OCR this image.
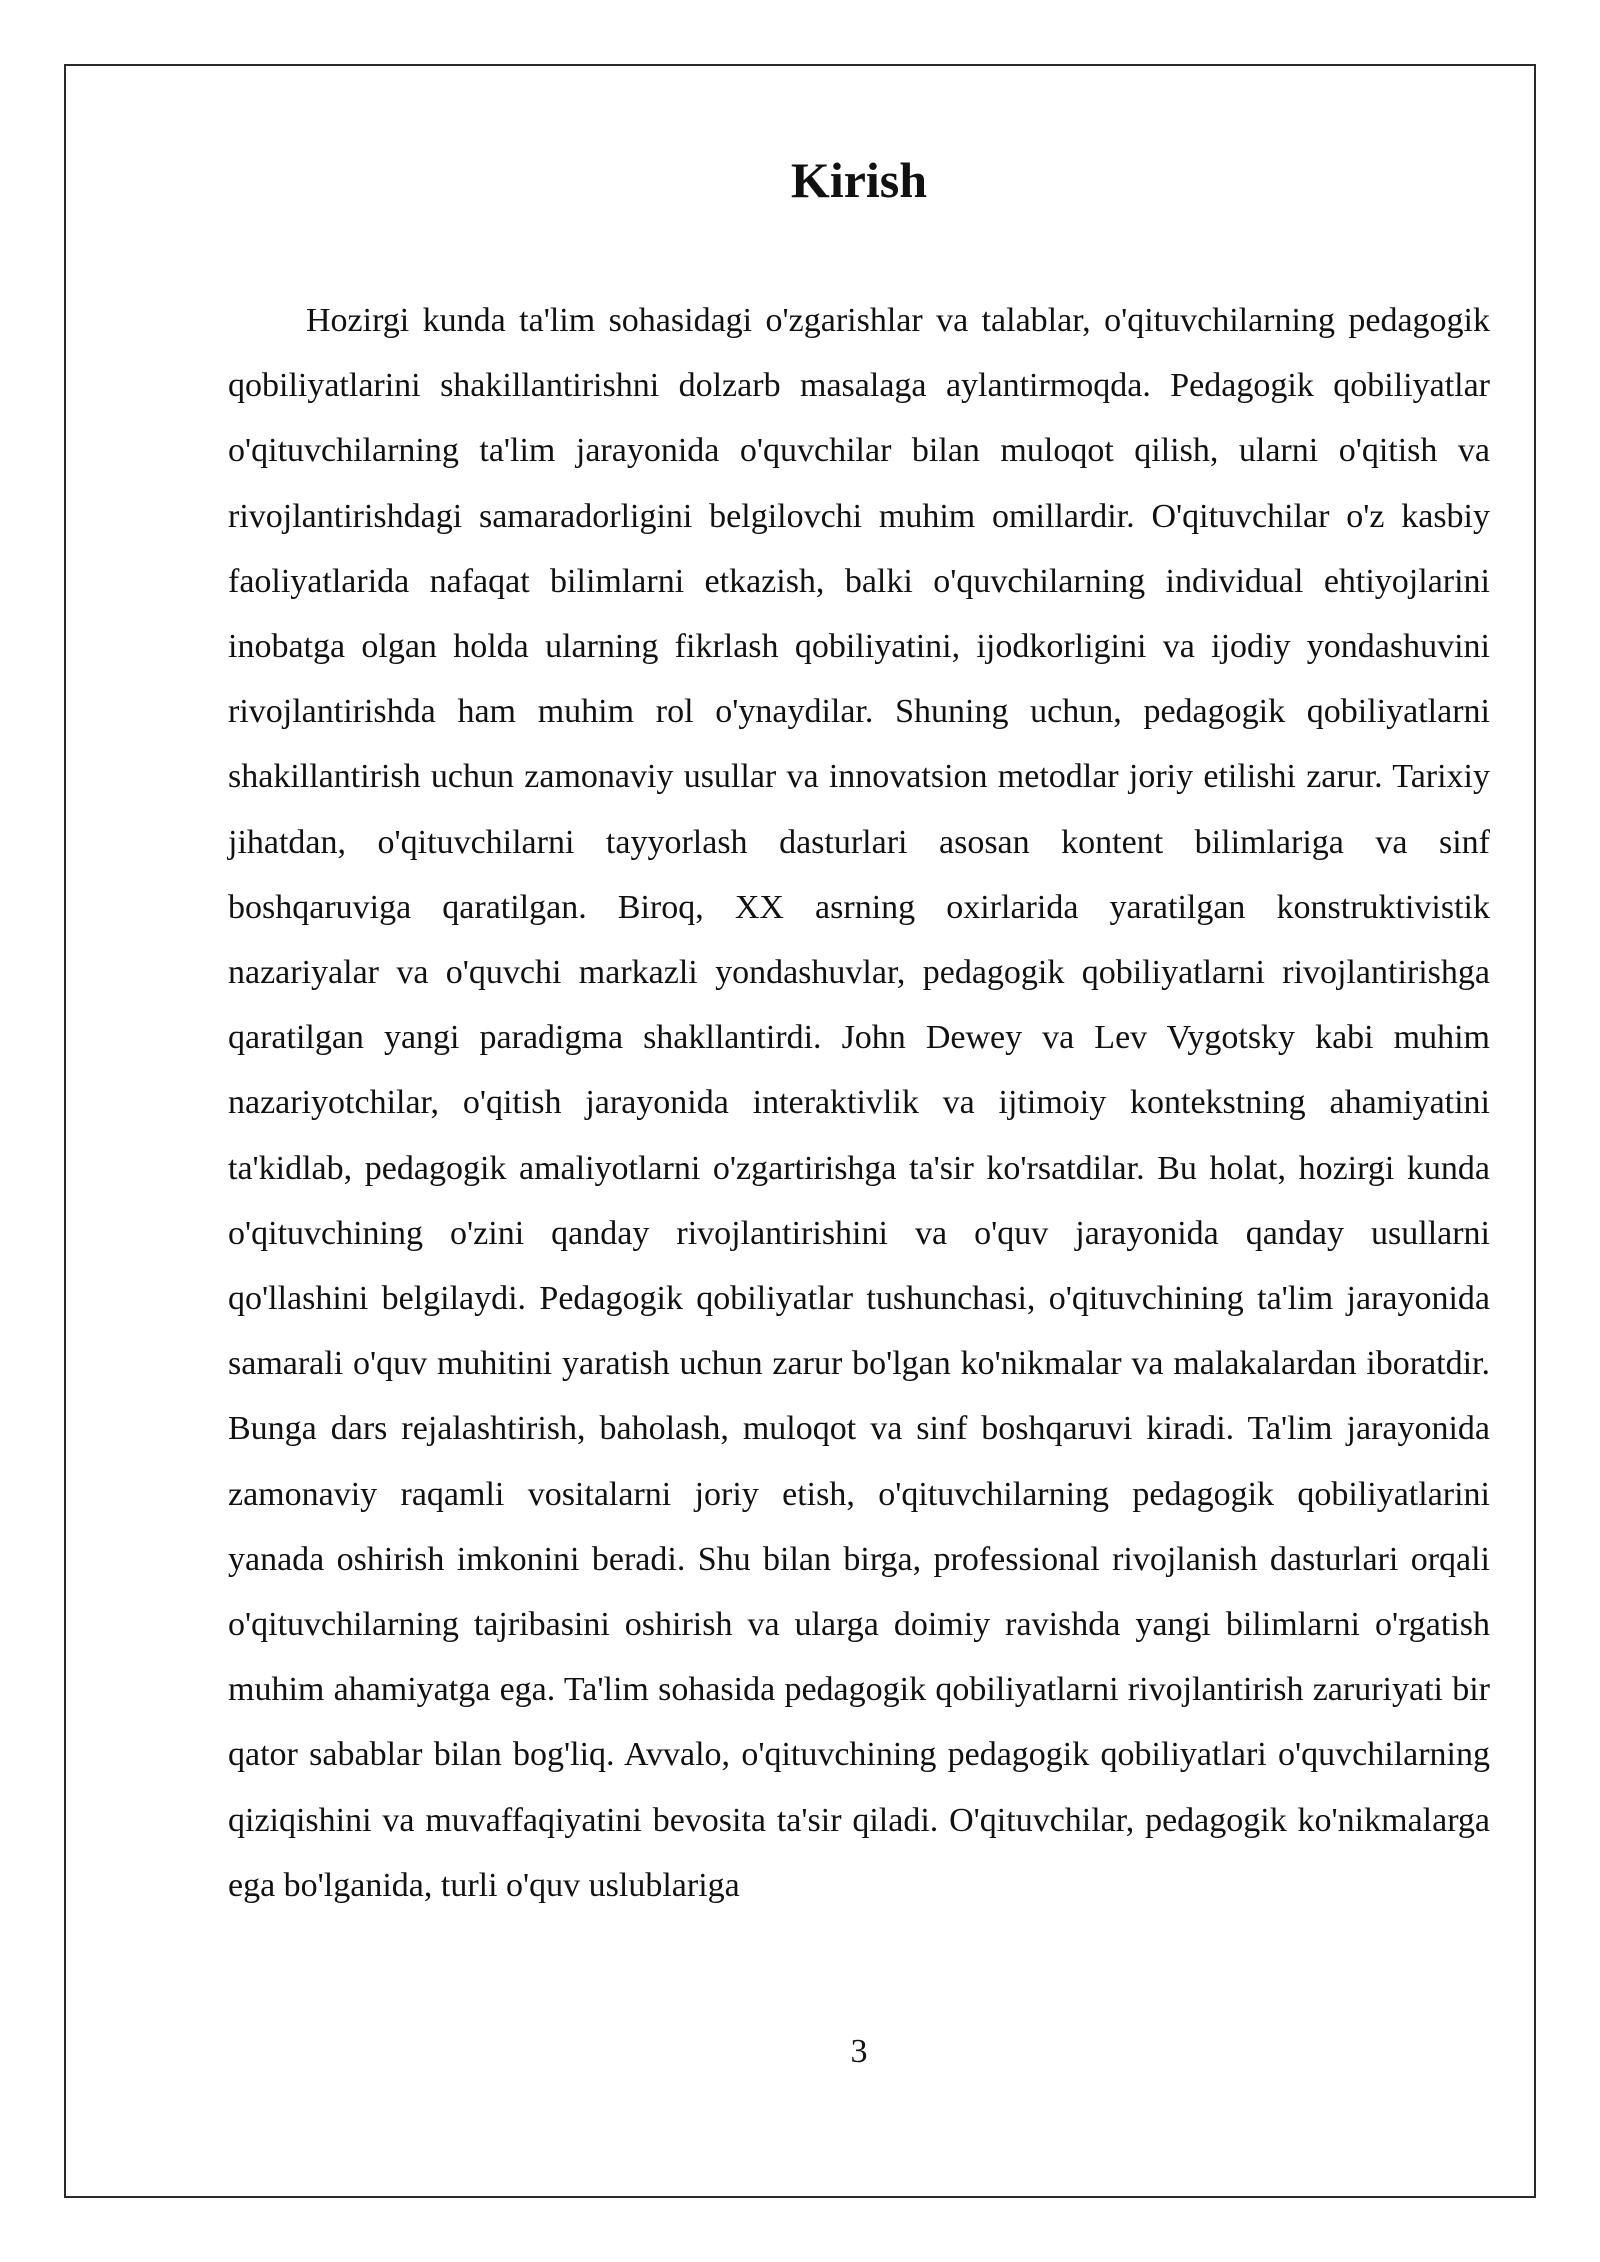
Kirish

Hozirgi kunda ta'lim sohasidagi o'zgarishlar va talablar, o'qituvchilarning pedagogik qobiliyatlarini shakillantirishni dolzarb masalaga aylantirmoqda. Pedagogik qobiliyatlar o'qituvchilarning ta'lim jarayonida o'quvchilar bilan muloqot qilish, ularni o'qitish va rivojlantirishdagi samaradorligini belgilovchi muhim omillardir. O'qituvchilar o'z kasbiy faoliyatlarida nafaqat bilimlarni etkazish, balki o'quvchilarning individual ehtiyojlarini inobatga olgan holda ularning fikrlash qobiliyatini, ijodkorligini va ijodiy yondashuvini rivojlantirishda ham muhim rol o'ynaydilar. Shuning uchun, pedagogik qobiliyatlarni shakillantirish uchun zamonaviy usullar va innovatsion metodlar joriy etilishi zarur. Tarixiy jihatdan, o'qituvchilarni tayyorlash dasturlari asosan kontent bilimlariga va sinf boshqaruviga qaratilgan. Biroq, XX asrning oxirlarida yaratilgan konstruktivistik nazariyalar va o'quvchi markazli yondashuvlar, pedagogik qobiliyatlarni rivojlantirishga qaratilgan yangi paradigma shakllantirdi. John Dewey va Lev Vygotsky kabi muhim nazariyotchilar, o'qitish jarayonida interaktivlik va ijtimoiy kontekstning ahamiyatini ta'kidlab, pedagogik amaliyotlarni o'zgartirishga ta'sir ko'rsatdilar. Bu holat, hozirgi kunda o'qituvchining o'zini qanday rivojlantirishini va o'quv jarayonida qanday usullarni qo'llashini belgilaydi. Pedagogik qobiliyatlar tushunchasi, o'qituvchining ta'lim jarayonida samarali o'quv muhitini yaratish uchun zarur bo'lgan ko'nikmalar va malakalardan iboratdir. Bunga dars rejalashtirish, baholash, muloqot va sinf boshqaruvi kiradi. Ta'lim jarayonida zamonaviy raqamli vositalarni joriy etish, o'qituvchilarning pedagogik qobiliyatlarini yanada oshirish imkonini beradi. Shu bilan birga, professional rivojlanish dasturlari orqali o'qituvchilarning tajribasini oshirish va ularga doimiy ravishda yangi bilimlarni o'rgatish muhim ahamiyatga ega. Ta'lim sohasida pedagogik qobiliyatlarni rivojlantirish zaruriyati bir qator sabablar bilan bog'liq. Avvalo, o'qituvchining pedagogik qobiliyatlari o'quvchilarning qiziqishini va muvaffaqiyatini bevosita ta'sir qiladi. O'qituvchilar, pedagogik ko'nikmalarga ega bo'lganida, turli o'quv uslublariga

3
